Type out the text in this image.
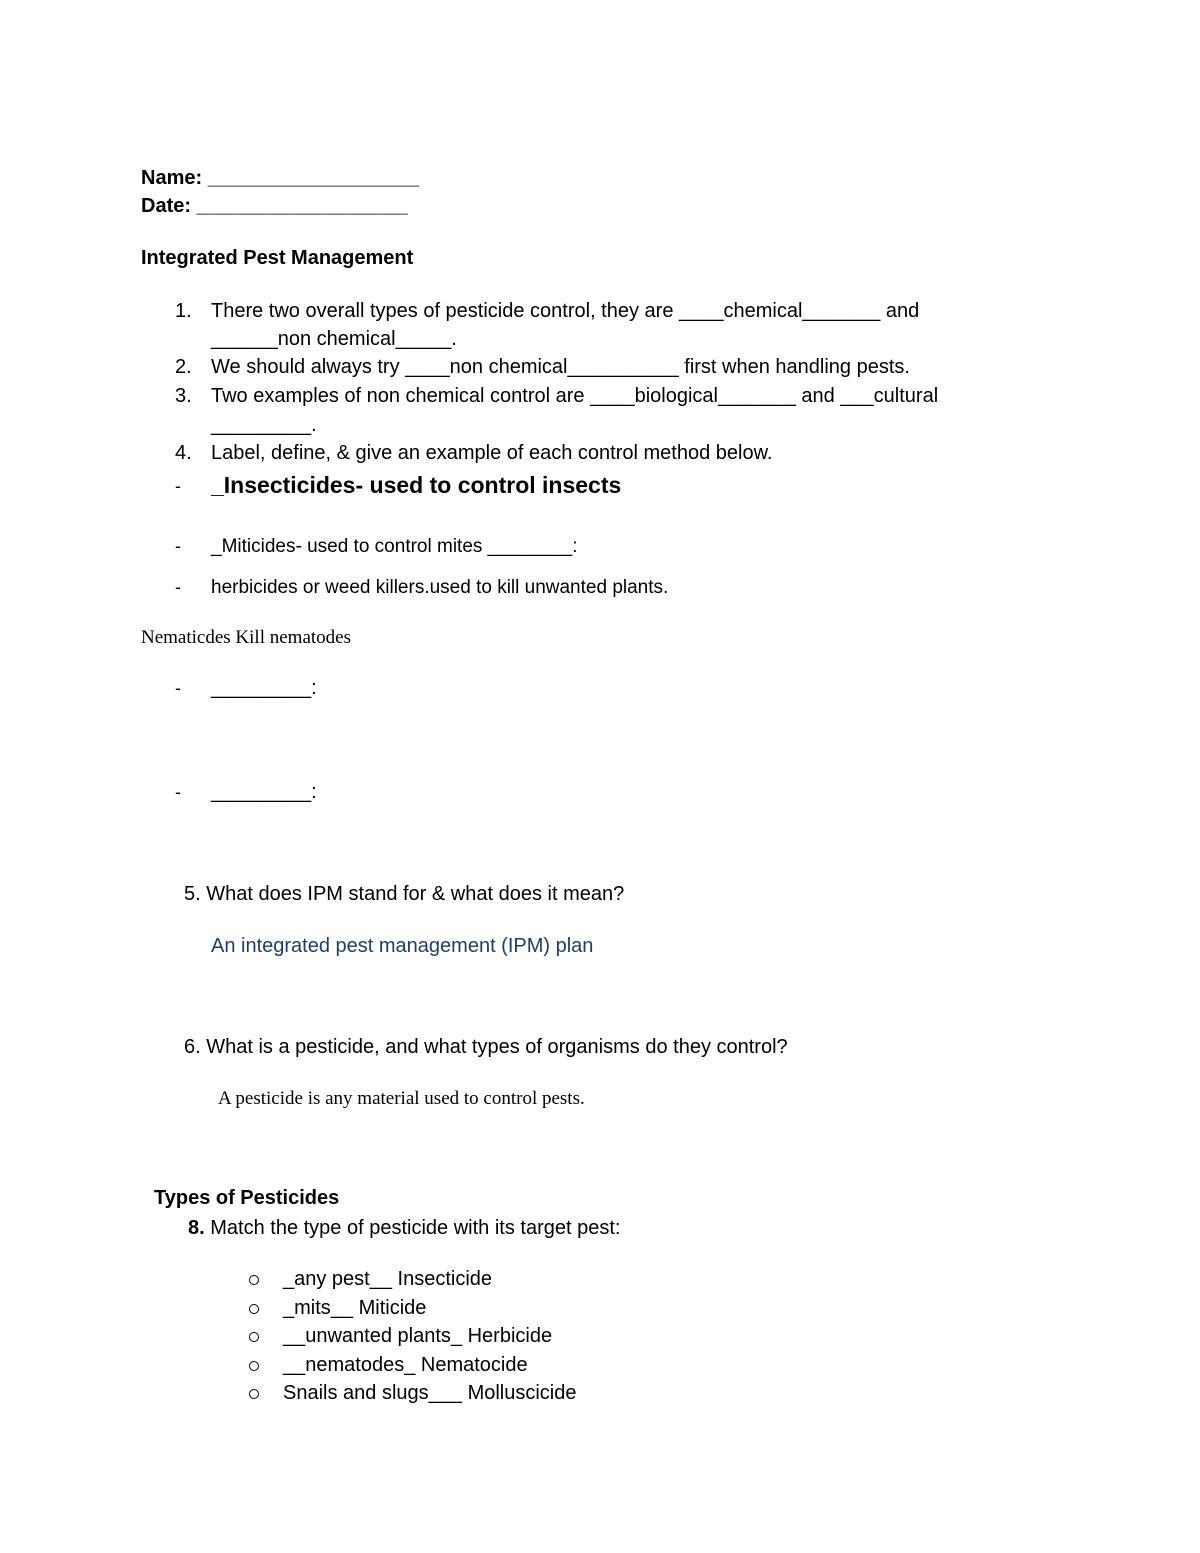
Name: ___________________
Date: ___________________
Integrated Pest Management
1. There two overall types of pesticide control, they are ____chemical_______ and
______non chemical_____.
2. We should always try ____non chemical__________ first when handling pests.
3. Two examples of non chemical control are ____biological_______ and ___cultural
_________.
4. Label, define, & give an example of each control method below.
- _Insecticides- used to control insects
- _Miticides- used to control mites ________:
- herbicides or weed killers.used to kill unwanted plants.
Nematicdes Kill nematodes
- _________:
- _________:
5. What does IPM stand for & what does it mean?
An integrated pest management (IPM) plan
6. What is a pesticide, and what types of organisms do they control?
A pesticide is any material used to control pests.
Types of Pesticides
8. Match the type of pesticide with its target pest:
_any pest__ Insecticide
_mits__ Miticide
__unwanted plants_ Herbicide
__nematodes_ Nematocide
Snails and slugs___ Molluscicide
